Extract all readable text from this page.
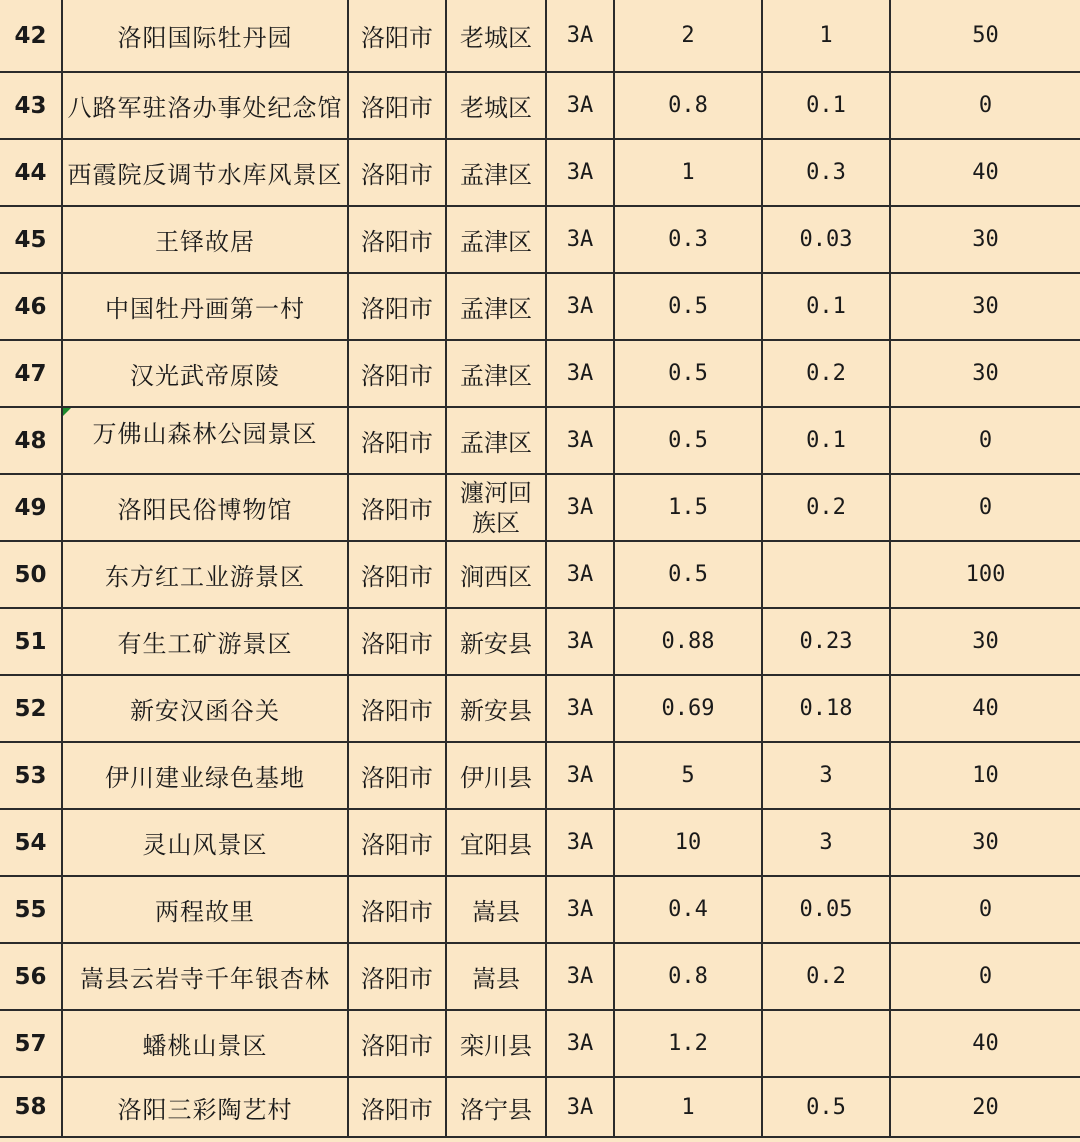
42	洛阳国际牡丹园	洛阳市	老城区	3A	2	1	50
43	八路军驻洛办事处纪念馆	洛阳市	老城区	3A	0.8	0.1	0
44	西霞院反调节水库风景区	洛阳市	孟津区	3A	1	0.3	40
45	王铎故居	洛阳市	孟津区	3A	0.3	0.03	30
46	中国牡丹画第一村	洛阳市	孟津区	3A	0.5	0.1	30
47	汉光武帝原陵	洛阳市	孟津区	3A	0.5	0.2	30
48	万佛山森林公园景区	洛阳市	孟津区	3A	0.5	0.1	0
49	洛阳民俗博物馆	洛阳市	瀍河回族区	3A	1.5	0.2	0
50	东方红工业游景区	洛阳市	涧西区	3A	0.5		100
51	有生工矿游景区	洛阳市	新安县	3A	0.88	0.23	30
52	新安汉函谷关	洛阳市	新安县	3A	0.69	0.18	40
53	伊川建业绿色基地	洛阳市	伊川县	3A	5	3	10
54	灵山风景区	洛阳市	宜阳县	3A	10	3	30
55	两程故里	洛阳市	嵩县	3A	0.4	0.05	0
56	嵩县云岩寺千年银杏林	洛阳市	嵩县	3A	0.8	0.2	0
57	蟠桃山景区	洛阳市	栾川县	3A	1.2		40
58	洛阳三彩陶艺村	洛阳市	洛宁县	3A	1	0.5	20
